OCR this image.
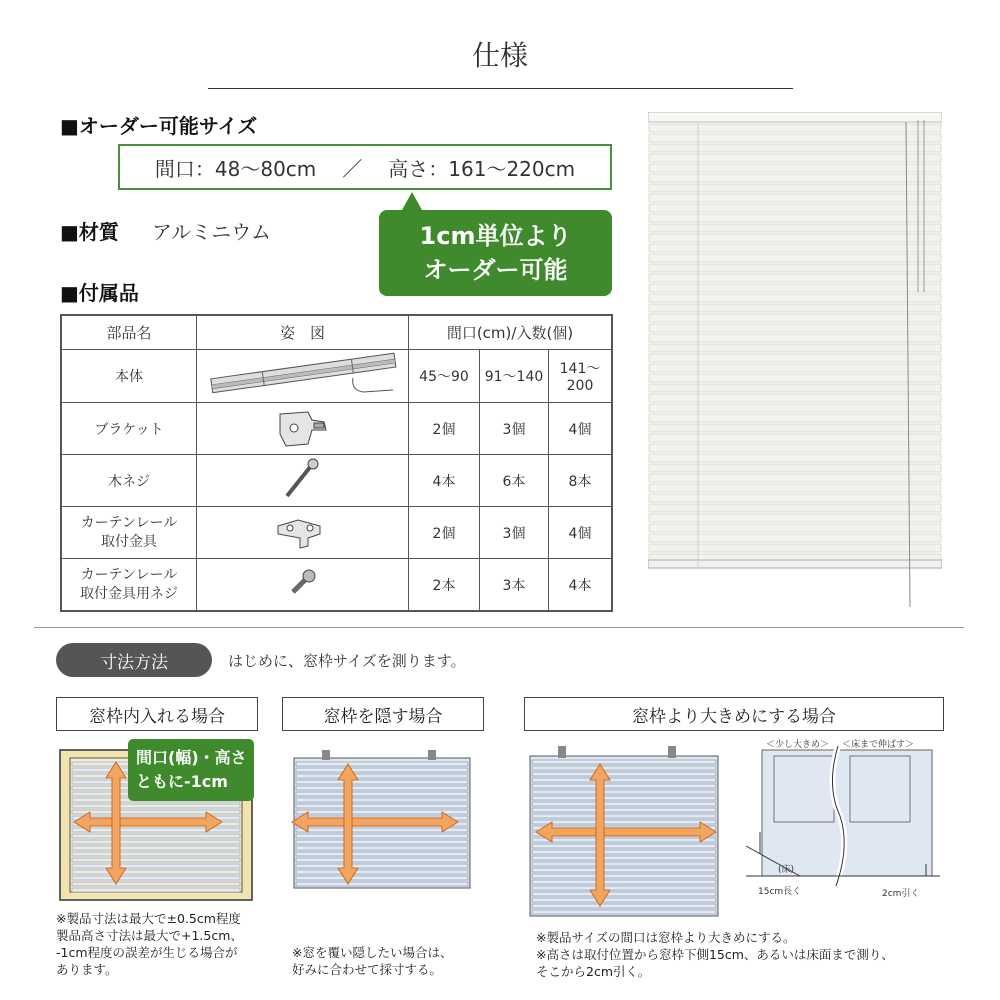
仕様
■オーダー可能サイズ
間口：48～80cm ／ 高さ：161～220cm
1cm単位より
オーダー可能
■材質 アルミニウム
■付属品
部品名	姿　図	間口(cm)/入数(個)		
本体		45～90	91～140	141～200
ブラケット		2個	3個	4個
木ネジ		4本	6本	8本
カーテンレール
取付金具		2個	3個	4個
カーテンレール
取付金具用ネジ		2本	3本	4本
寸法方法	はじめに、窓枠サイズを測ります。
窓枠内入れる場合	窓枠を隠す場合	窓枠より大きめにする場合
間口(幅)・高さ
ともに-1cm
※製品寸法は最大で±0.5cm程度
製品高さ寸法は最大で+1.5cm、
-1cm程度の誤差が生じる場合が
あります。
※窓を覆い隠したい場合は、
好みに合わせて採寸する。
＜少し大きめ＞ ＜床まで伸ばす＞
(床)
15cm長く	2cm引く
※製品サイズの間口は窓枠より大きめにする。
※高さは取付位置から窓枠下側15cm、あるいは床面まで測り、
そこから2cm引く。
